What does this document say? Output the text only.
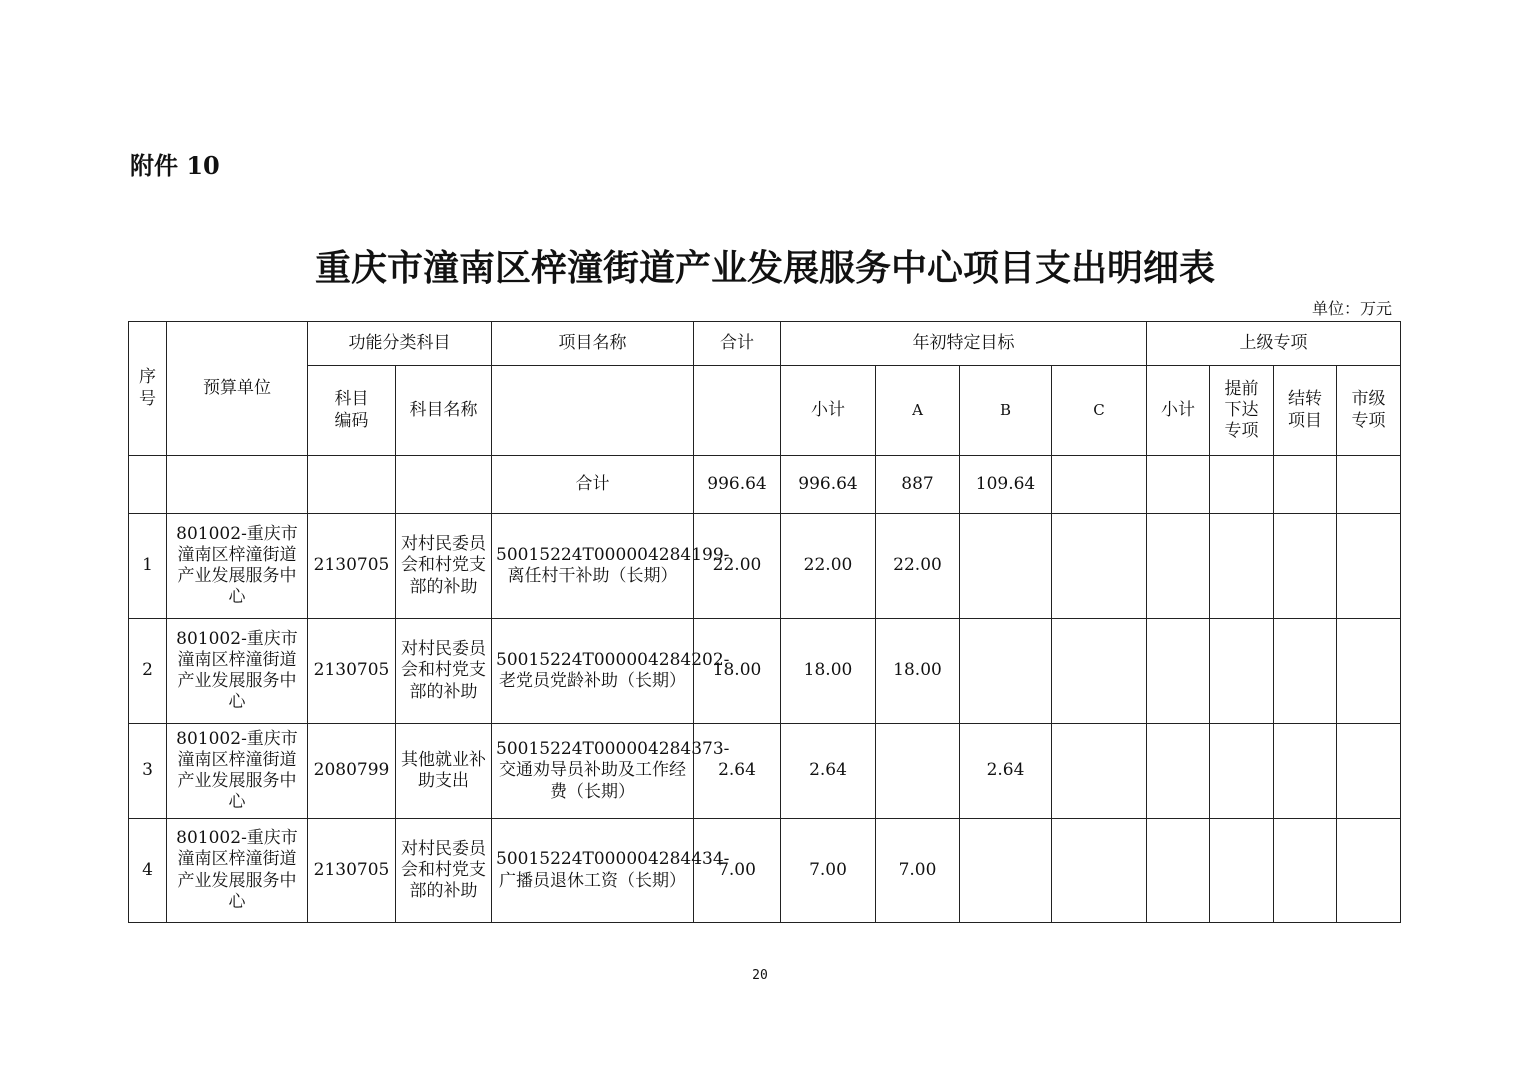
附件 10
重庆市潼南区梓潼街道产业发展服务中心项目支出明细表
单位：万元
序号	预算单位	功能分类科目		项目名称	合计	年初特定目标				上级专项			

		科目编码	科目名称			小计	A	B	C	小计	提前下达专项	结转项目	市级专项

				合计	996.64	996.64	887	109.64					
1	801002-重庆市潼南区梓潼街道产业发展服务中心	2130705	对村民委员会和村党支部的补助	50015224T000004284199-离任村干补助（长期）	22.00	22.00	22.00						
2	801002-重庆市潼南区梓潼街道产业发展服务中心	2130705	对村民委员会和村党支部的补助	50015224T000004284202-老党员党龄补助（长期）	18.00	18.00	18.00						
3	801002-重庆市潼南区梓潼街道产业发展服务中心	2080799	其他就业补助支出	50015224T000004284373-交通劝导员补助及工作经费（长期）	2.64	2.64		2.64					
4	801002-重庆市潼南区梓潼街道产业发展服务中心	2130705	对村民委员会和村党支部的补助	50015224T000004284434-广播员退休工资（长期）	7.00	7.00	7.00						
20
